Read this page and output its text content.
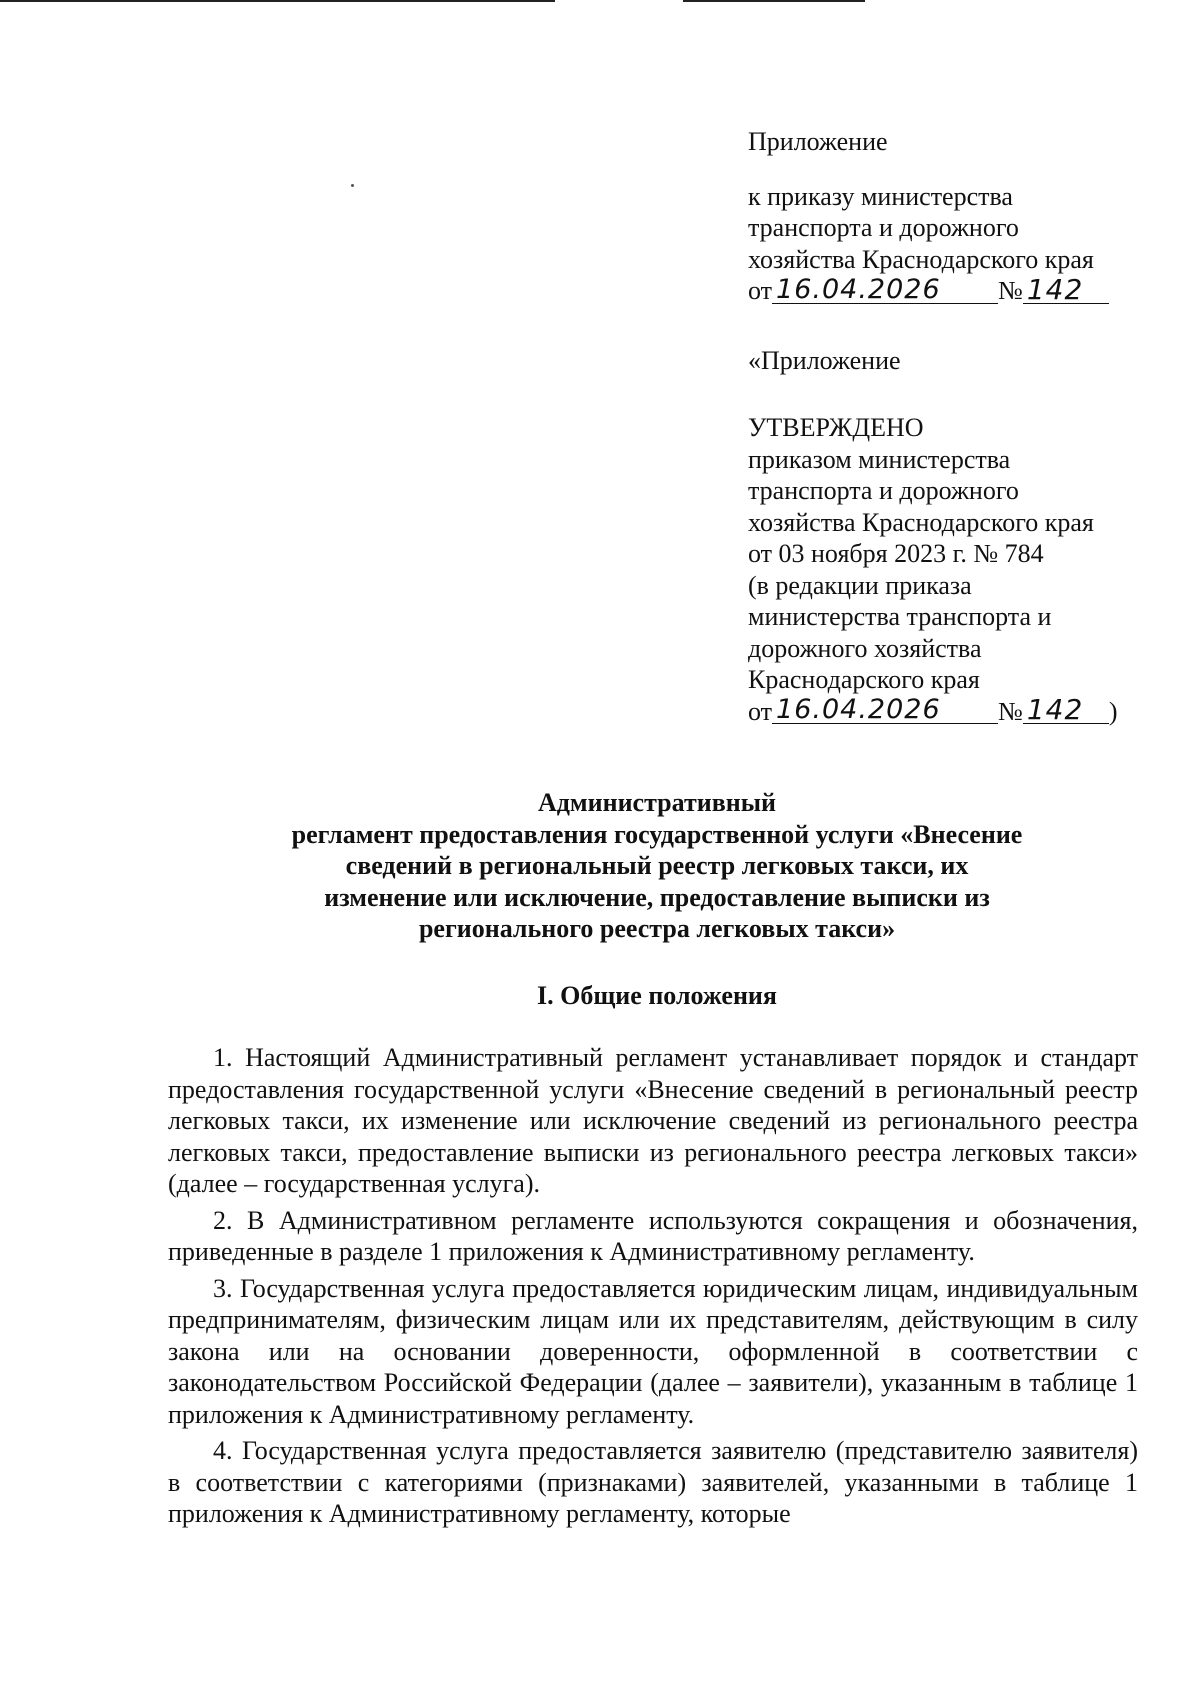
Приложение
к приказу министерства
транспорта и дорожного
хозяйства Краснодарского края
от 16.04.2026	№ 142
«Приложение
УТВЕРЖДЕНО
приказом министерства
транспорта и дорожного
хозяйства Краснодарского края
от 03 ноября 2023 г. № 784
(в редакции приказа
министерства транспорта и
дорожного хозяйства
Краснодарского края
от 16.04.2026	№ 142 )
Административный
регламент предоставления государственной услуги «Внесение
сведений в региональный реестр легковых такси, их
изменение или исключение, предоставление выписки из
регионального реестра легковых такси»
I. Общие положения

1. Настоящий Административный регламент устанавливает порядок и стандарт предоставления государственной услуги «Внесение сведений в региональный реестр легковых такси, их изменение или исключение сведений из регионального реестра легковых такси, предоставление выписки из регионального реестра легковых такси» (далее – государственная услуга).

2. В Административном регламенте используются сокращения и обозначения, приведенные в разделе 1 приложения к Административному регламенту.

3. Государственная услуга предоставляется юридическим лицам, индивидуальным предпринимателям, физическим лицам или их представителям, действующим в силу закона или на основании доверенности, оформленной в соответствии с законодательством Российской Федерации (далее – заявители), указанным в таблице 1 приложения к Административному регламенту.

4. Государственная услуга предоставляется заявителю (представителю заявителя) в соответствии с категориями (признаками) заявителей, указанными в таблице 1 приложения к Административному регламенту, которые
